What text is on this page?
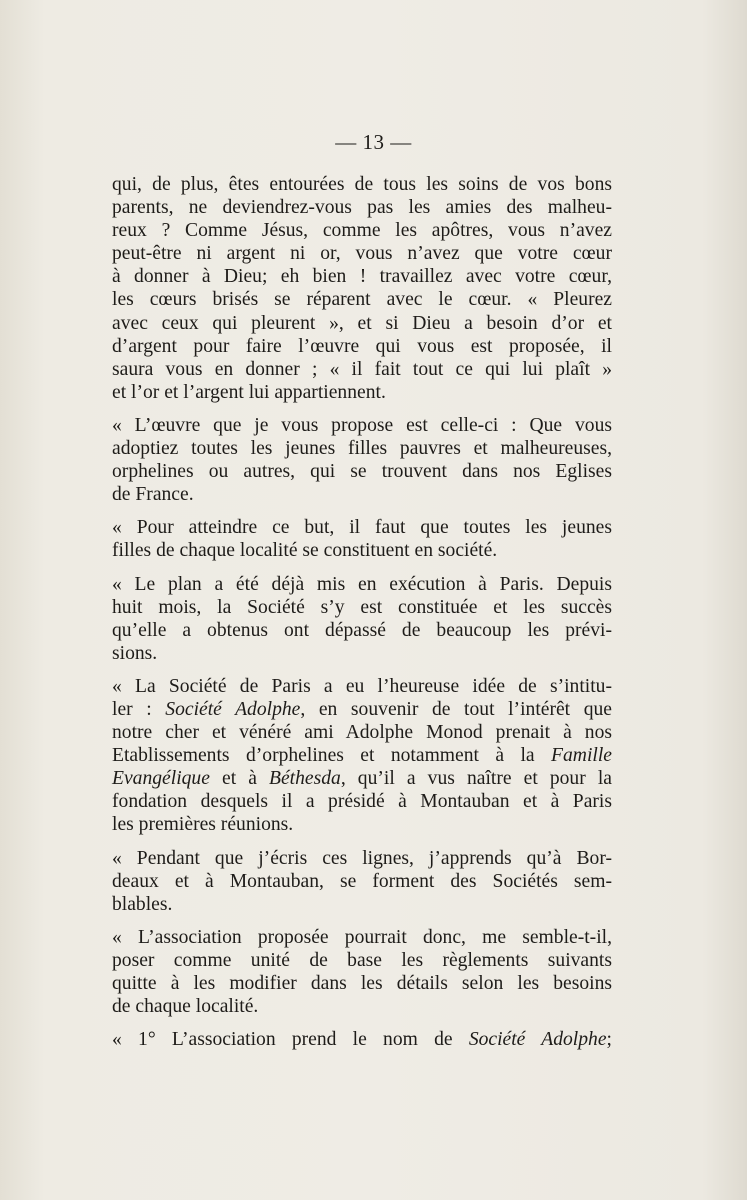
— 13 —
qui, de plus, êtes entourées de tous les soins de vos bons
parents, ne deviendrez-vous pas les amies des malheu-
reux ? Comme Jésus, comme les apôtres, vous n’avez
peut-être ni argent ni or, vous n’avez que votre cœur
à donner à Dieu; eh bien ! travaillez avec votre cœur,
les cœurs brisés se réparent avec le cœur. « Pleurez
avec ceux qui pleurent », et si Dieu a besoin d’or et
d’argent pour faire l’œuvre qui vous est proposée, il
saura vous en donner ; « il fait tout ce qui lui plaît »
et l’or et l’argent lui appartiennent.
« L’œuvre que je vous propose est celle-ci : Que vous
adoptiez toutes les jeunes filles pauvres et malheureuses,
orphelines ou autres, qui se trouvent dans nos Eglises
de France.
« Pour atteindre ce but, il faut que toutes les jeunes
filles de chaque localité se constituent en société.
« Le plan a été déjà mis en exécution à Paris. Depuis
huit mois, la Société s’y est constituée et les succès
qu’elle a obtenus ont dépassé de beaucoup les prévi-
sions.
« La Société de Paris a eu l’heureuse idée de s’intitu-
ler : Société Adolphe, en souvenir de tout l’intérêt que
notre cher et vénéré ami Adolphe Monod prenait à nos
Etablissements d’orphelines et notamment à la Famille
Evangélique et à Béthesda, qu’il a vus naître et pour la
fondation desquels il a présidé à Montauban et à Paris
les premières réunions.
« Pendant que j’écris ces lignes, j’apprends qu’à Bor-
deaux et à Montauban, se forment des Sociétés sem-
blables.
« L’association proposée pourrait donc, me semble-t-il,
poser comme unité de base les règlements suivants
quitte à les modifier dans les détails selon les besoins
de chaque localité.
« 1° L’association prend le nom de Société Adolphe;
